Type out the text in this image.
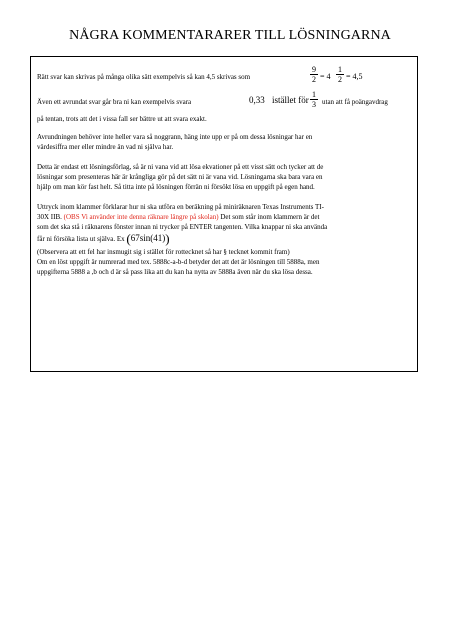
NÅGRA KOMMENTARARER TILL LÖSNINGARNA
Rätt svar kan skrivas på många olika sätt exempelvis så kan 4,5 skrivas som
9
2 = 4
1
2 = 4,5
Även ett avrundat svar går bra ni kan exempelvis svara	0,33 istället för
1
3 utan att få poängavdrag
på tentan, trots att det i vissa fall ser bättre ut att svara exakt.
Avrundningen behöver inte heller vara så noggrann, häng inte upp er på om dessa lösningar har en
värdesiffra mer eller mindre än vad ni själva har.
Detta är endast ett lösningsförlag, så är ni vana vid att lösa ekvationer på ett visst sätt och tycker att de
lösningar som presenteras här är krångliga gör på det sätt ni är vana vid. Lösningarna ska bara vara en
hjälp om man kör fast helt. Så titta inte på lösningen förrän ni försökt lösa en uppgift på egen hand.
Uttryck inom klammer förklarar hur ni ska utföra en beräkning på miniräknaren Texas Instruments TI-
30X IIB. (OBS Vi använder inte denna räknare längre på skolan) Det som står inom klammern är det
som det ska stå i räknarens fönster innan ni trycker på ENTER tangenten. Vilka knappar ni ska använda
får ni försöka lista ut själva. Ex (67sin(41))
(Observera att ett fel har insmugit sig i stället för rottecknet så har § tecknet kommit fram)
Om en löst uppgift är numrerad med tex. 5888c-a-b-d betyder det att det är lösningen till 5888a, men
uppgifterna 5888 a ,b och d är så pass lika att du kan ha nytta av 5888a även när du ska lösa dessa.
